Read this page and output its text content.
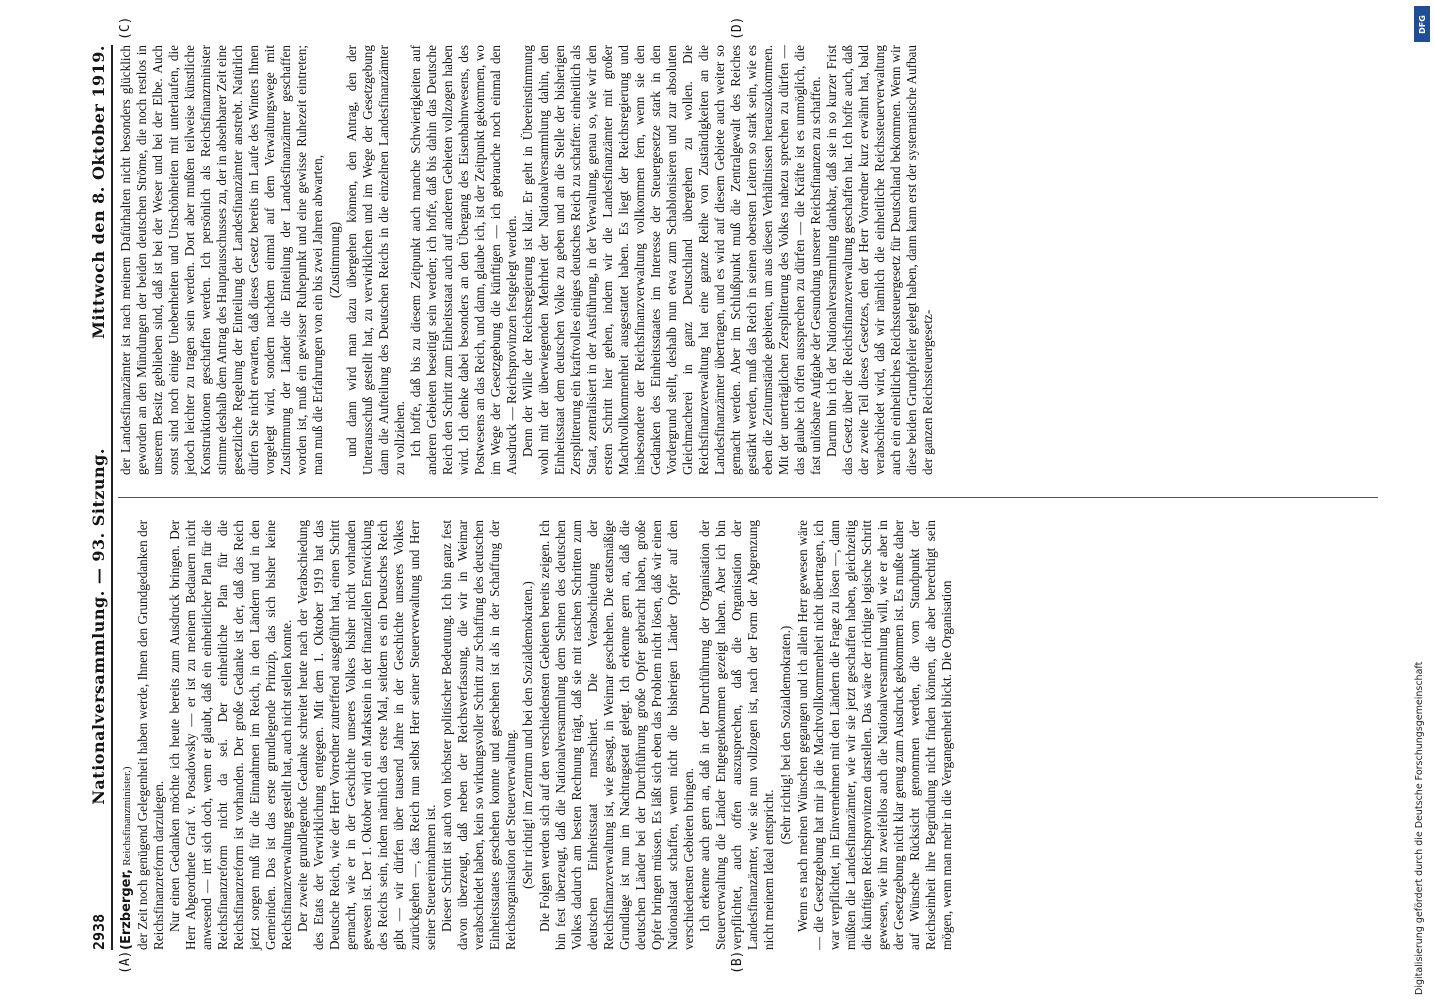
2938
Nationalversammlung. — 93. Sitzung.
Mittwoch den 8. Oktober 1919.
(A)	(B)
(C)	(D)

(Erzberger, Reichsfinanzminister.) der Zeit noch genügend Gelegenheit haben werde, Ihnen den Grundgedanken der Reichsfinanzreform darzulegen. Nur einen Gedanken möchte ich heute bereits zum Ausdruck bringen. Der Herr Abgeordnete Graf v. Posadowsky — er ist zu meinem Bedauern nicht anwesend — irrt sich doch, wenn er glaubt, daß ein einheitlicher Plan für die Reichsfinanzreform nicht da sei. Der einheitliche Plan für die Reichsfinanzreform ist vorhanden. Der große Gedanke ist der, daß das Reich jetzt sorgen muß für die Einnahmen im Reich, in den Ländern und in den Gemeinden. Das ist das erste grundlegende Prinzip, das sich bisher keine Reichsfinanzverwaltung gestellt hat, auch nicht stellen konnte. Der zweite grundlegende Gedanke schreitet heute nach der Verabschiedung des Etats der Verwirklichung entgegen. Mit dem 1. Oktober 1919 hat das Deutsche Reich, wie der Herr Vorredner zutreffend ausgeführt hat, einen Schritt gemacht, wie er in der Geschichte unseres Volkes bisher nicht vorhanden gewesen ist. Der 1. Oktober wird ein Markstein in der finanziellen Entwicklung des Reichs sein, indem nämlich das erste Mal, seitdem es ein Deutsches Reich gibt — wir dürfen über tausend Jahre in der Geschichte unseres Volkes zurückgehen —, das Reich nun selbst Herr seiner Steuerverwaltung und Herr seiner Steuereinnahmen ist. Dieser Schritt ist auch von höchster politischer Bedeutung. Ich bin ganz fest davon überzeugt, daß neben der Reichsverfassung, die wir in Weimar verabschiedet haben, kein so wirkungsvoller Schritt zur Schaffung des deutschen Einheitsstaates geschehen konnte und geschehen ist als in der Schaffung der Reichsorganisation der Steuerverwaltung. (Sehr richtig! im Zentrum und bei den Sozialdemokraten.) Die Folgen werden sich auf den verschiedensten Gebieten bereits zeigen. Ich bin fest überzeugt, daß die Nationalversammlung dem Sehnen des deutschen Volkes dadurch am besten Rechnung trägt, daß sie mit raschen Schritten zum deutschen Einheitsstaat marschiert. Die Verabschiedung der Reichsfinanzverwaltung ist, wie gesagt, in Weimar geschehen. Die etatsmäßige Grundlage ist nun im Nachtragsetat gelegt. Ich erkenne gern an, daß die deutschen Länder bei der Durchführung große Opfer gebracht haben, große Opfer bringen müssen. Es läßt sich eben das Problem nicht lösen, daß wir einen Nationalstaat schaffen, wenn nicht die bisherigen Länder Opfer auf den verschiedensten Gebieten bringen. Ich erkenne auch gern an, daß in der Durchführung der Organisation der Steuerverwaltung die Länder Entgegenkommen gezeigt haben. Aber ich bin verpflichtet, auch offen auszusprechen, daß die Organisation der Landesfinanzämter, wie sie nun vollzogen ist, nach der Form der Abgrenzung nicht meinem Ideal entspricht.

(Sehr richtig! bei den Sozialdemokraten.) Wenn es nach meinen Wünschen gegangen und ich allein Herr gewesen wäre — die Gesetzgebung hat mir ja die Machtvollkommenheit nicht übertragen, ich war verpflichtet, im Einvernehmen mit den Ländern die Frage zu lösen —, dann müßten die Landesfinanzämter, wie wir sie jetzt geschaffen haben, gleichzeitig die künftigen Reichsprovinzen darstellen. Das wäre der richtige logische Schritt gewesen, wie ihn zweifellos auch die Nationalversammlung will, wie er aber in der Gesetzgebung nicht klar genug zum Ausdruck gekommen ist. Es mußte daher auf Wünsche Rücksicht genommen werden, die vom Standpunkt der Reichseinheit ihre Begründung nicht finden können, die aber berechtigt sein mögen, wenn man mehr in die Vergangenheit blickt. Die Organisation

der Landesfinanzämter ist nach meinem Dafürhalten nicht besonders glücklich geworden an den Mündungen der beiden deutschen Ströme, die noch restlos in unserem Besitz geblieben sind, daß ist bei der Weser und bei der Elbe. Auch sonst sind noch einige Unebenheiten und Unschönheiten mit unterlaufen, die jedoch leichter zu tragen sein werden. Dort aber mußten teilweise künstliche Konstruktionen geschaffen werden. Ich persönlich als Reichsfinanzminister stimme deshalb dem Antrag des Hauptausschusses zu, der in absehbarer Zeit eine gesetzliche Regelung der Einteilung der Landesfinanzämter anstrebt. Natürlich dürfen Sie nicht erwarten, daß dieses Gesetz bereits im Laufe des Winters Ihnen vorgelegt wird, sondern nachdem einmal auf dem Verwaltungswege mit Zustimmung der Länder die Einteilung der Landesfinanzämter geschaffen worden ist, muß ein gewisser Ruhepunkt und eine gewisse Ruhezeit eintreten; man muß die Erfahrungen von ein bis zwei Jahren abwarten, (Zustimmung) und dann wird man dazu übergehen können, den Antrag, den der Unterausschuß gestellt hat, zu verwirklichen und im Wege der Gesetzgebung dann die Aufteilung des Deutschen Reichs in die einzelnen Landesfinanzämter zu vollziehen. Ich hoffe, daß bis zu diesem Zeitpunkt auch manche Schwierigkeiten auf anderen Gebieten beseitigt sein werden; ich hoffe, daß bis dahin das Deutsche Reich den Schritt zum Einheitsstaat auch auf anderen Gebieten vollzogen haben wird. Ich denke dabei besonders an den Übergang des Eisenbahnwesens, des Postwesens an das Reich, und dann, glaube ich, ist der Zeitpunkt gekommen, wo im Wege der Gesetzgebung die künftigen — ich gebrauche noch einmal den Ausdruck — Reichsprovinzen festgelegt werden. Denn der Wille der Reichsregierung ist klar. Er geht in Übereinstimmung wohl mit der überwiegenden Mehrheit der Nationalversammlung dahin, den Einheitsstaat dem deutschen Volke zu geben und an die Stelle der bisherigen Zersplitterung ein kraftvolles einiges deutsches Reich zu schaffen: einheitlich als Staat, zentralisiert in der Ausführung, in der Verwaltung, genau so, wie wir den ersten Schritt hier gehen, indem wir die Landesfinanzämter mit großer Machtvollkommenheit ausgestattet haben. Es liegt der Reichsregierung und insbesondere der Reichsfinanzverwaltung vollkommen fern, wenn sie den Gedanken des Einheitsstaates im Interesse der Steuergesetze stark in den Vordergrund stellt, deshalb nun etwa zum Schablonisieren und zur absoluten Gleichmacherei in ganz Deutschland übergehen zu wollen. Die Reichsfinanzverwaltung hat eine ganze Reihe von Zuständigkeiten an die Landesfinanzämter übertragen, und es wird auf diesem Gebiete auch weiter so gemacht werden. Aber im Schlußpunkt muß die Zentralgewalt des Reiches gestärkt werden, muß das Reich in seinen obersten Leitern so stark sein, wie es eben die Zeitumstände gebieten, um aus diesen Verhältnissen herauszukommen. Mit der unerträglichen Zersplitterung des Volkes nahezu sprechen zu dürfen — das glaube ich offen aussprechen zu dürfen — die Kräfte ist es unmöglich, die fast unlösbare Aufgabe der Gesundung unserer Reichsfinanzen zu schaffen. Darum bin ich der Nationalversammlung dankbar, daß sie in so kurzer Frist das Gesetz über die Reichsfinanzverwaltung geschaffen hat. Ich hoffe auch, daß der zweite Teil dieses Gesetzes, den der Herr Vorredner kurz erwähnt hat, bald verabschiedet wird, daß wir nämlich die einheitliche Reichssteuerverwaltung auch ein einheitliches Reichssteuergesetz für Deutschland bekommen. Wenn wir diese beiden Grundpfeiler gelegt haben, dann kann erst der systematische Aufbau der ganzen Reichssteuergesetz-

DFG
Digitalisierung gefördert durch die Deutsche Forschungsgemeinschaft
